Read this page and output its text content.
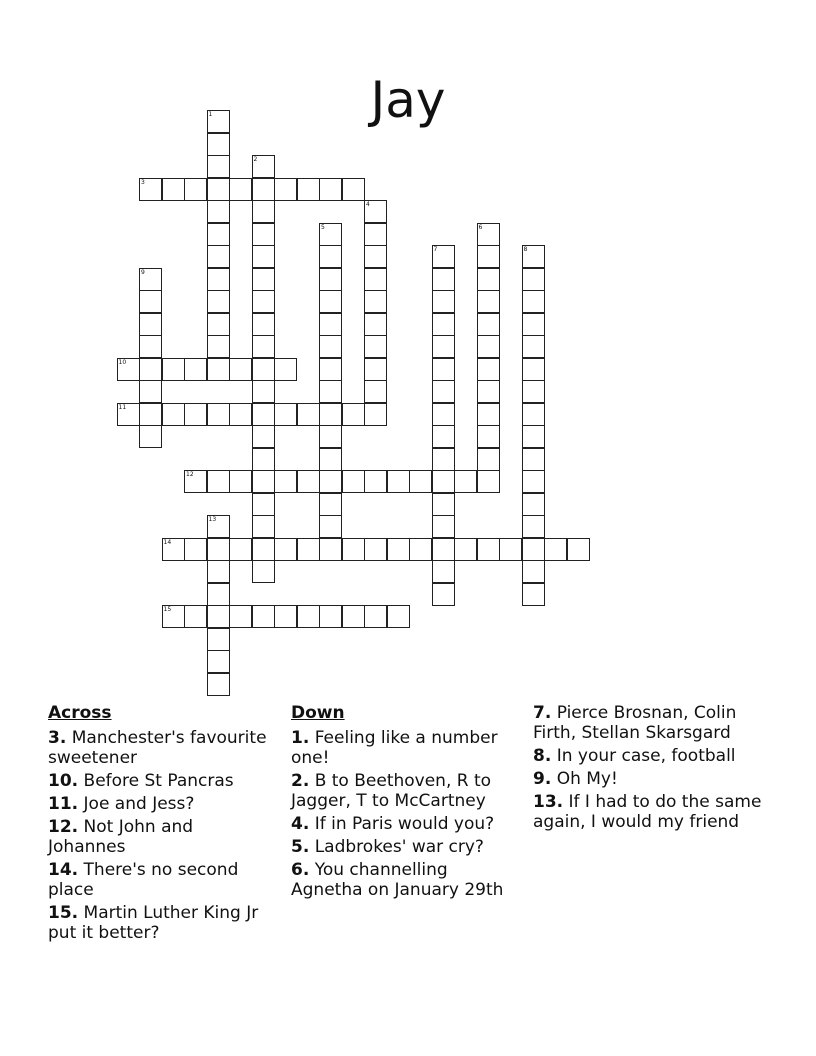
Jay
1
2
3
4
5	6
7	8
9
10
11
12
13
14
15
Across
3. Manchester's favourite sweetener
10. Before St Pancras
11. Joe and Jess?
12. Not John and Johannes
14. There's no second place
15. Martin Luther King Jr put it better?
Down
1. Feeling like a number one!
2. B to Beethoven, R to Jagger, T to McCartney
4. If in Paris would you?
5. Ladbrokes' war cry?
6. You channelling Agnetha on January 29th
7. Pierce Brosnan, Colin Firth, Stellan Skarsgard
8. In your case, football
9. Oh My!
13. If I had to do the same again, I would my friend
